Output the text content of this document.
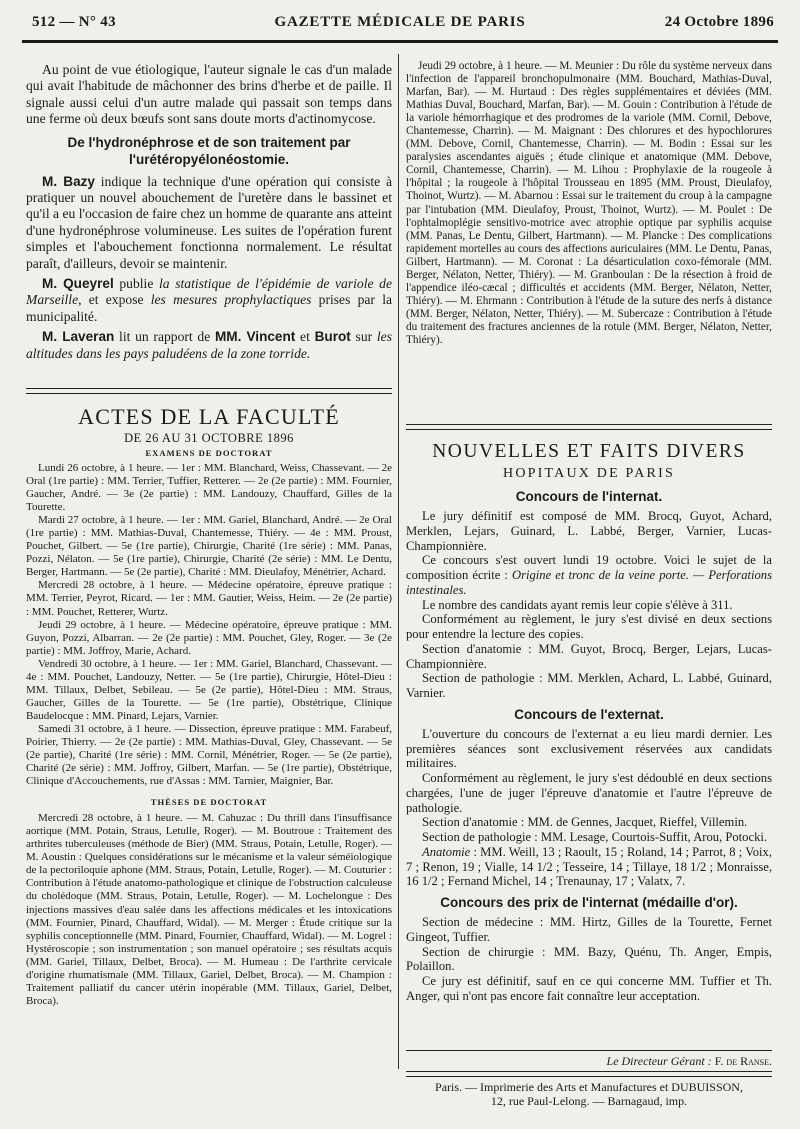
512 — N° 43	GAZETTE MÉDICALE DE PARIS	24 Octobre 1896

Au point de vue étiologique, l'auteur signale le cas d'un malade qui avait l'habitude de mâchonner des brins d'herbe et de paille. Il signale aussi celui d'un autre malade qui passait son temps dans une ferme où deux bœufs sont sans doute morts d'actinomycose.

De l'hydronéphrose et de son traitement par l'urétéropyélonéostomie.

M. Bazy indique la technique d'une opération qui consiste à pratiquer un nouvel abouchement de l'uretère dans le bassinet et qu'il a eu l'occasion de faire chez un homme de quarante ans atteint d'une hydronéphrose volumineuse. Les suites de l'opération furent simples et l'abouchement fonctionna normalement. Le résultat paraît, d'ailleurs, devoir se maintenir.

M. Queyrel publie la statistique de l'épidémie de variole de Marseille, et expose les mesures prophylactiques prises par la municipalité.

M. Laveran lit un rapport de MM. Vincent et Burot sur les altitudes dans les pays paludéens de la zone torride.

ACTES DE LA FACULTÉ
DE 26 AU 31 OCTOBRE 1896
EXAMENS DE DOCTORAT

Lundi 26 octobre, à 1 heure. — 1er : MM. Blanchard, Weiss, Chassevant. — 2e Oral (1re partie) : MM. Terrier, Tuffier, Retterer. — 2e (2e partie) : MM. Fournier, Gaucher, André. — 3e (2e partie) : MM. Landouzy, Chauffard, Gilles de la Tourette.

Mardi 27 octobre, à 1 heure. — 1er : MM. Gariel, Blanchard, André. — 2e Oral (1re partie) : MM. Mathias-Duval, Chantemesse, Thiéry. — 4e : MM. Proust, Pouchet, Gilbert. — 5e (1re partie), Chirurgie, Charité (1re série) : MM. Panas, Pozzi, Nélaton. — 5e (1re partie), Chirurgie, Charité (2e série) : MM. Le Dentu, Berger, Hartmann. — 5e (2e partie), Charité : MM. Dieulafoy, Ménétrier, Achard.

Mercredi 28 octobre, à 1 heure. — Médecine opératoire, épreuve pratique : MM. Terrier, Peyrot, Ricard. — 1er : MM. Gautier, Weiss, Heim. — 2e (2e partie) : MM. Pouchet, Retterer, Wurtz.

Jeudi 29 octobre, à 1 heure. — Médecine opératoire, épreuve pratique : MM. Guyon, Pozzi, Albarran. — 2e (2e partie) : MM. Pouchet, Gley, Roger. — 3e (2e partie) : MM. Joffroy, Marie, Achard.

Vendredi 30 octobre, à 1 heure. — 1er : MM. Gariel, Blanchard, Chassevant. — 4e : MM. Pouchet, Landouzy, Netter. — 5e (1re partie), Chirurgie, Hôtel-Dieu : MM. Tillaux, Delbet, Sebileau. — 5e (2e partie), Hôtel-Dieu : MM. Straus, Gaucher, Gilles de la Tourette. — 5e (1re partie), Obstétrique, Clinique Baudelocque : MM. Pinard, Lejars, Varnier.

Samedi 31 octobre, à 1 heure. — Dissection, épreuve pratique : MM. Farabeuf, Poirier, Thierry. — 2e (2e partie) : MM. Mathias-Duval, Gley, Chassevant. — 5e (2e partie), Charité (1re série) : MM. Cornil, Ménétrier, Roger. — 5e (2e partie), Charité (2e série) : MM. Joffroy, Gilbert, Marfan. — 5e (1re partie), Obstétrique, Clinique d'Accouchements, rue d'Assas : MM. Tarnier, Maignier, Bar.

THÈSES DE DOCTORAT

Mercredi 28 octobre, à 1 heure. — M. Cahuzac : Du thrill dans l'insuffisance aortique (MM. Potain, Straus, Letulle, Roger). — M. Boutroue : Traitement des arthrites tuberculeuses (méthode de Bier) (MM. Straus, Potain, Letulle, Roger). — M. Aoustin : Quelques considérations sur le mécanisme et la valeur séméiologique de la pectoriloquie aphone (MM. Straus, Potain, Letulle, Roger). — M. Couturier : Contribution à l'étude anatomo-pathologique et clinique de l'obstruction calculeuse du cholédoque (MM. Straus, Potain, Letulle, Roger). — M. Lochelongue : Des injections massives d'eau salée dans les affections médicales et les intoxications (MM. Fournier, Pinard, Chauffard, Widal). — M. Merger : Étude critique sur la syphilis conceptionnelle (MM. Pinard, Fournier, Chauffard, Widal). — M. Logrel : Hystéroscopie ; son instrumentation ; son manuel opératoire ; ses résultats acquis (MM. Gariel, Tillaux, Delbet, Broca). — M. Humeau : De l'arthrite cervicale d'origine rhumatismale (MM. Tillaux, Gariel, Delbet, Broca). — M. Champion : Traitement palliatif du cancer utérin inopérable (MM. Tillaux, Gariel, Delbet, Broca).

Jeudi 29 octobre, à 1 heure. — M. Meunier : Du rôle du système nerveux dans l'infection de l'appareil bronchopulmonaire (MM. Bouchard, Mathias-Duval, Marfan, Bar). — M. Hurtaud : Des règles supplémentaires et déviées (MM. Mathias Duval, Bouchard, Marfan, Bar). — M. Gouin : Contribution à l'étude de la variole hémorrhagique et des prodromes de la variole (MM. Cornil, Debove, Chantemesse, Charrin). — M. Maignant : Des chlorures et des hypochlorures (MM. Debove, Cornil, Chantemesse, Charrin). — M. Bodin : Essai sur les paralysies ascendantes aiguës ; étude clinique et anatomique (MM. Debove, Cornil, Chantemesse, Charrin). — M. Lihou : Prophylaxie de la rougeole à l'hôpital ; la rougeole à l'hôpital Trousseau en 1895 (MM. Proust, Dieulafoy, Thoinot, Wurtz). — M. Abarnou : Essai sur le traitement du croup à la campagne par l'intubation (MM. Dieulafoy, Proust, Thoinot, Wurtz). — M. Poulet : De l'ophtalmoplégie sensitivo-motrice avec atrophie optique par syphilis acquise (MM. Panas, Le Dentu, Gilbert, Hartmann). — M. Plancke : Des complications rapidement mortelles au cours des affections auriculaires (MM. Le Dentu, Panas, Gilbert, Hartmann). — M. Coronat : La désarticulation coxo-fémorale (MM. Berger, Nélaton, Netter, Thiéry). — M. Granboulan : De la résection à froid de l'appendice iléo-cæcal ; difficultés et accidents (MM. Berger, Nélaton, Netter, Thiéry). — M. Ehrmann : Contribution à l'étude de la suture des nerfs à distance (MM. Berger, Nélaton, Netter, Thiéry). — M. Subercaze : Contribution à l'étude du traitement des fractures anciennes de la rotule (MM. Berger, Nélaton, Netter, Thiéry).

NOUVELLES ET FAITS DIVERS
HOPITAUX DE PARIS
Concours de l'internat.

Le jury définitif est composé de MM. Brocq, Guyot, Achard, Merklen, Lejars, Guinard, L. Labbé, Berger, Varnier, Lucas-Championnière.

Ce concours s'est ouvert lundi 19 octobre. Voici le sujet de la composition écrite : Origine et tronc de la veine porte. — Perforations intestinales.

Le nombre des candidats ayant remis leur copie s'élève à 311.

Conformément au règlement, le jury s'est divisé en deux sections pour entendre la lecture des copies.

Section d'anatomie : MM. Guyot, Brocq, Berger, Lejars, Lucas-Championnière.

Section de pathologie : MM. Merklen, Achard, L. Labbé, Guinard, Varnier.

Concours de l'externat.

L'ouverture du concours de l'externat a eu lieu mardi dernier. Les premières séances sont exclusivement réservées aux candidats militaires.

Conformément au règlement, le jury s'est dédoublé en deux sections chargées, l'une de juger l'épreuve d'anatomie et l'autre l'épreuve de pathologie.

Section d'anatomie : MM. de Gennes, Jacquet, Rieffel, Villemin.

Section de pathologie : MM. Lesage, Courtois-Suffit, Arou, Potocki.

Anatomie : MM. Weill, 13 ; Raoult, 15 ; Roland, 14 ; Parrot, 8 ; Voix, 7 ; Renon, 19 ; Vialle, 14 1/2 ; Tesseire, 14 ; Tillaye, 18 1/2 ; Monraisse, 16 1/2 ; Fernand Michel, 14 ; Trenaunay, 17 ; Valatx, 7.

Concours des prix de l'internat (médaille d'or).

Section de médecine : MM. Hirtz, Gilles de la Tourette, Fernet Gingeot, Tuffier.

Section de chirurgie : MM. Bazy, Quénu, Th. Anger, Empis, Polaillon.

Ce jury est définitif, sauf en ce qui concerne MM. Tuffier et Th. Anger, qui n'ont pas encore fait connaître leur acceptation.

Le Directeur Gérant : F. de Ranse.
Paris. — Imprimerie des Arts et Manufactures et DUBUISSON,
12, rue Paul-Lelong. — Barnagaud, imp.
